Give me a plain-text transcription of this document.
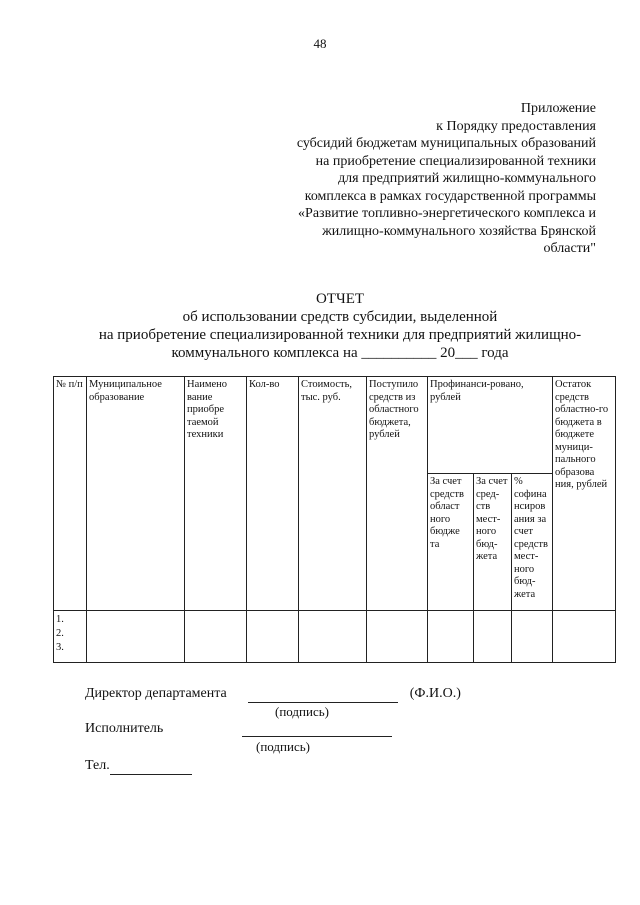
48
Приложение
к Порядку предоставления
субсидий бюджетам муниципальных образований
на приобретение специализированной техники
для предприятий жилищно-коммунального
комплекса в рамках государственной программы
«Развитие топливно-энергетического комплекса и
жилищно-коммунального хозяйства Брянской
области"
ОТЧЕТ
об использовании средств субсидии, выделенной
на приобретение специализированной техники для предприятий жилищно-
коммунального комплекса на __________ 20___ года
№ п/п	Муниципальное образование	Наимено вание приобре таемой техники	Кол-во	Стоимость, тыс. руб.	Поступило средств из областного бюджета, рублей	Профинанси-ровано, рублей			Остаток средств областно-го бюджета в бюджете муници-пального образова ния, рублей
						За счет средств област ного бюдже та	За счет сред-ств мест-ного бюд-жета	% софина нсиров ания за счет средств мест-ного бюд-жета	

1.
2.
3.									

Директор департамента	(Ф.И.О.)
(подпись)
Исполнитель
(подпись)
Тел.
